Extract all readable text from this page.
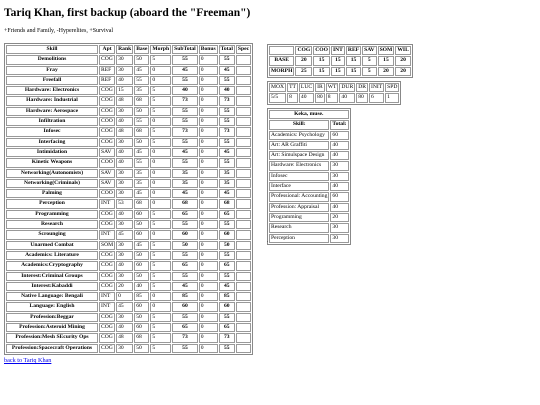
Tariq Khan, first backup (aboard the "Freeman")
+Friends and Family, -Hyperelites, +Survival
Skill	Apt	Rank	Base	Morph	SubTotal	Bonus	Total	Spec
Demolitions	COG	30	50	5	55	0	55	
Fray	REF	30	45	0	45	0	45	
Freefall	REF	40	55	0	55	0	55	
Hardware: Electronics	COG	15	35	5	40	0	40	
Hardware: Industrial	COG	48	68	5	73	0	73	
Hardware: Aerospace	COG	30	50	5	55	0	55	
Infiltration	COO	40	55	0	55	0	55	
Infosec	COG	48	68	5	73	0	73	
Interfacing	COG	30	50	5	55	0	55	
Intimidation	SAV	40	45	0	45	0	45	
Kinetic Weapons	COO	40	55	0	55	0	55	
Networking(Autonomists)	SAV	30	35	0	35	0	35	
Networking(Criminals)	SAV	30	35	0	35	0	35	
Palming	COO	30	45	0	45	0	45	
Perception	INT	53	68	0	68	0	68	
Programming	COG	40	60	5	65	0	65	
Research	COG	30	50	5	55	0	55	
Scrounging	INT	45	60	0	60	0	60	
Unarmed Combat	SOM	30	45	5	50	0	50	
Academics: Literature	COG	30	50	5	55	0	55	
Academics:Cryptography	COG	40	60	5	65	0	65	
Interest:Criminal Groups	COG	30	50	5	55	0	55	
Interest:Kabaddi	COG	20	40	5	45	0	45	
Native Language: Bengali	INT	0	85	0	85	0	85	
Language: English	INT	45	60	0	60	0	60	
Profession:Beggar	COG	30	50	5	55	0	55	
Profession:Asteroid Mining	COG	40	60	5	65	0	65	
Profession:Mesh SEcurity Ops	COG	48	68	5	73	0	73	
Profession:Spacecraft Operations	COG	30	50	5	55	0	55	
	COG	COO	INT	REF	SAV	SOM	WIL
BASE	20	15	15	15	5	15	20
MORPH	25	15	15	15	5	20	20
MOX	TT	LUC	IR	WT	DUR	DR	INIT	SPD
5/5	8	40	80	8	40	80	6	1
Keka, muse.	
Skill:	Total:
Academics: Psychology	60
Art: AR Graffiti	40
Art: Simulspace Design	40
Hardware: Electronics	30
Infosec	30
Interface	40
Professional: Accounting	60
Profession: Appraisal	40
Programming	20
Research	30
Perception	30
.
back to Tariq Khan
